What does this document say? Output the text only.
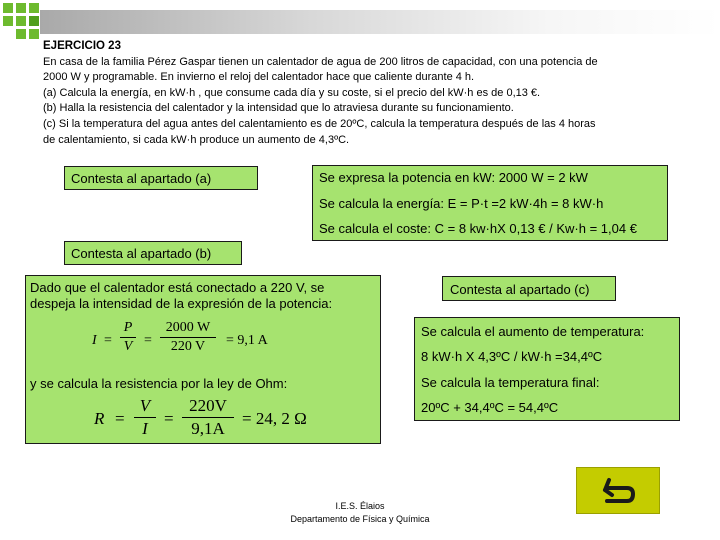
EJERCICIO 23

En casa de la familia Pérez Gaspar tienen un calentador de agua de 200 litros de capacidad, con una potencia de

2000 W y programable. En invierno el reloj del calentador hace que caliente durante 4 h.

(a) Calcula la energía, en kW·h , que consume cada día y su coste, si el precio del kW·h es de 0,13 €.

(b) Halla la resistencia del calentador y la intensidad que lo atraviesa durante su funcionamiento.

(c) Si la temperatura del agua antes del calentamiento es de 20ºC, calcula la temperatura después de las 4 horas

de calentamiento, si cada kW·h produce un aumento de 4,3ºC.

Contesta al apartado (a)	Se expresa la potencia en kW: 2000 W = 2 kW
Se calcula la energía: E = P·t =2 kW·4h = 8 kW·h
Se calcula el coste: C = 8 kw·hX 0,13 € / Kw·h = 1,04 €
Contesta al apartado (b)
Dado que el calentador está conectado a 220 V, se
despeja la intensidad de la expresión de la potencia:
I =
P
V =
2000 W
220 V	= 9,1 A
y se calcula la resistencia por la ley de Ohm:
R =
V
I
=
220V
9,1A
= 24, 2 Ω
Contesta al apartado (c)
Se calcula el aumento de temperatura:
8 kW·h X 4,3ºC / kW·h =34,4ºC
Se calcula la temperatura final:
20ºC + 34,4ºC = 54,4ºC
I.E.S. Élaios
Departamento de Física y Química
